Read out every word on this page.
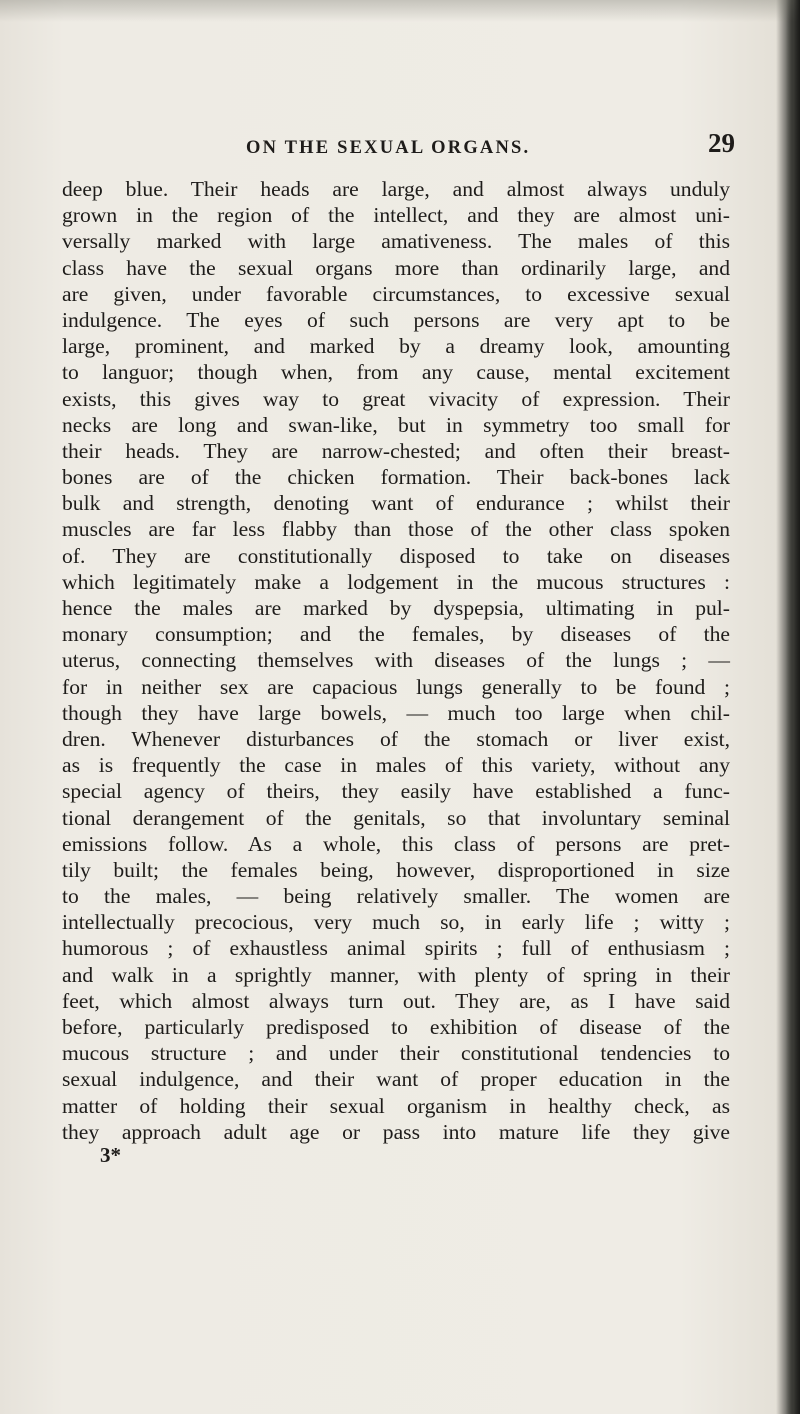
ON THE SEXUAL ORGANS.	29
deep blue. Their heads are large, and almost always unduly
grown in the region of the intellect, and they are almost uni-
versally marked with large amativeness. The males of this
class have the sexual organs more than ordinarily large, and
are given, under favorable circumstances, to excessive sexual
indulgence. The eyes of such persons are very apt to be
large, prominent, and marked by a dreamy look, amounting
to languor; though when, from any cause, mental excitement
exists, this gives way to great vivacity of expression. Their
necks are long and swan-like, but in symmetry too small for
their heads. They are narrow-chested; and often their breast-
bones are of the chicken formation. Their back-bones lack
bulk and strength, denoting want of endurance ; whilst their
muscles are far less flabby than those of the other class spoken
of. They are constitutionally disposed to take on diseases
which legitimately make a lodgement in the mucous structures :
hence the males are marked by dyspepsia, ultimating in pul-
monary consumption; and the females, by diseases of the
uterus, connecting themselves with diseases of the lungs ; —
for in neither sex are capacious lungs generally to be found ;
though they have large bowels, — much too large when chil-
dren. Whenever disturbances of the stomach or liver exist,
as is frequently the case in males of this variety, without any
special agency of theirs, they easily have established a func-
tional derangement of the genitals, so that involuntary seminal
emissions follow. As a whole, this class of persons are pret-
tily built; the females being, however, disproportioned in size
to the males, — being relatively smaller. The women are
intellectually precocious, very much so, in early life ; witty ;
humorous ; of exhaustless animal spirits ; full of enthusiasm ;
and walk in a sprightly manner, with plenty of spring in their
feet, which almost always turn out. They are, as I have said
before, particularly predisposed to exhibition of disease of the
mucous structure ; and under their constitutional tendencies to
sexual indulgence, and their want of proper education in the
matter of holding their sexual organism in healthy check, as
they approach adult age or pass into mature life they give
3*
